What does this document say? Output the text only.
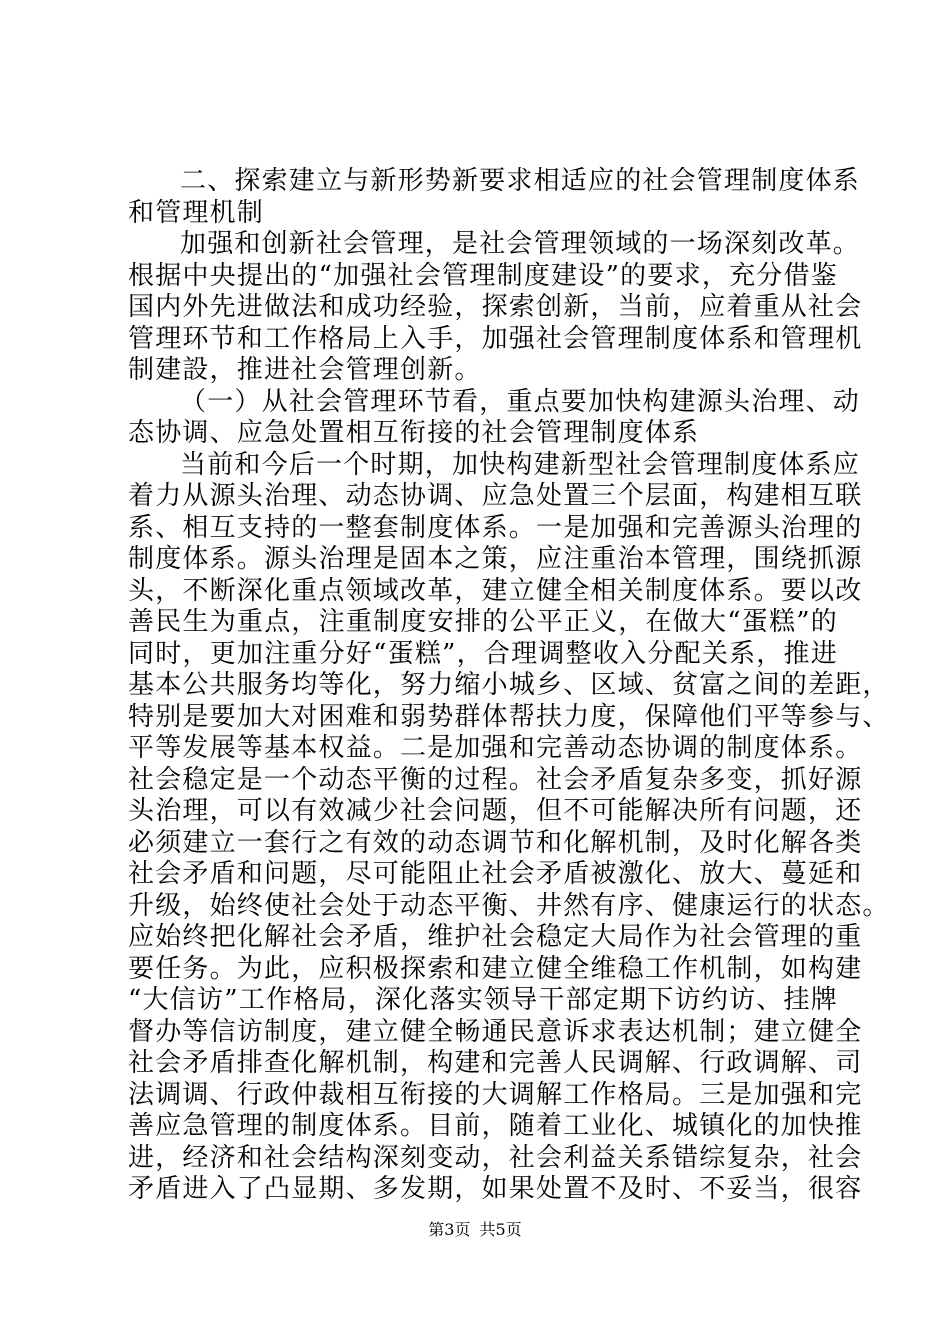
二、探索建立与新形势新要求相适应的社会管理制度体系
和管理机制
加强和创新社会管理，是社会管理领域的一场深刻改革。
根据中央提出的“加强社会管理制度建设”的要求，充分借鉴
国内外先进做法和成功经验，探索创新，当前，应着重从社会
管理环节和工作格局上入手，加强社会管理制度体系和管理机
制建設，推进社会管理创新。
（一）从社会管理环节看，重点要加快构建源头治理、动
态协调、应急处置相互衔接的社会管理制度体系
当前和今后一个时期，加快构建新型社会管理制度体系应
着力从源头治理、动态协调、应急处置三个层面，构建相互联
系、相互支持的一整套制度体系。一是加强和完善源头治理的
制度体系。源头治理是固本之策，应注重治本管理，围绕抓源
头，不断深化重点领域改革，建立健全相关制度体系。要以改
善民生为重点，注重制度安排的公平正义，在做大“蛋糕”的
同时，更加注重分好“蛋糕”，合理调整收入分配关系，推进
基本公共服务均等化，努力缩小城乡、区域、贫富之间的差距，
特别是要加大对困难和弱势群体帮扶力度，保障他们平等参与、
平等发展等基本权益。二是加强和完善动态协调的制度体系。
社会稳定是一个动态平衡的过程。社会矛盾复杂多变，抓好源
头治理，可以有效减少社会问题，但不可能解决所有问题，还
必须建立一套行之有效的动态调节和化解机制，及时化解各类
社会矛盾和问题，尽可能阻止社会矛盾被激化、放大、蔓延和
升级，始终使社会处于动态平衡、井然有序、健康运行的状态。
应始终把化解社会矛盾，维护社会稳定大局作为社会管理的重
要任务。为此，应积极探索和建立健全维稳工作机制，如构建
“大信访”工作格局，深化落实领导干部定期下访约访、挂牌
督办等信访制度，建立健全畅通民意诉求表达机制；建立健全
社会矛盾排查化解机制，构建和完善人民调解、行政调解、司
法调调、行政仲裁相互衔接的大调解工作格局。三是加强和完
善应急管理的制度体系。目前，随着工业化、城镇化的加快推
进，经济和社会结构深刻变动，社会利益关系错综复杂，社会
矛盾进入了凸显期、多发期，如果处置不及时、不妥当，很容
第3页 共5页
